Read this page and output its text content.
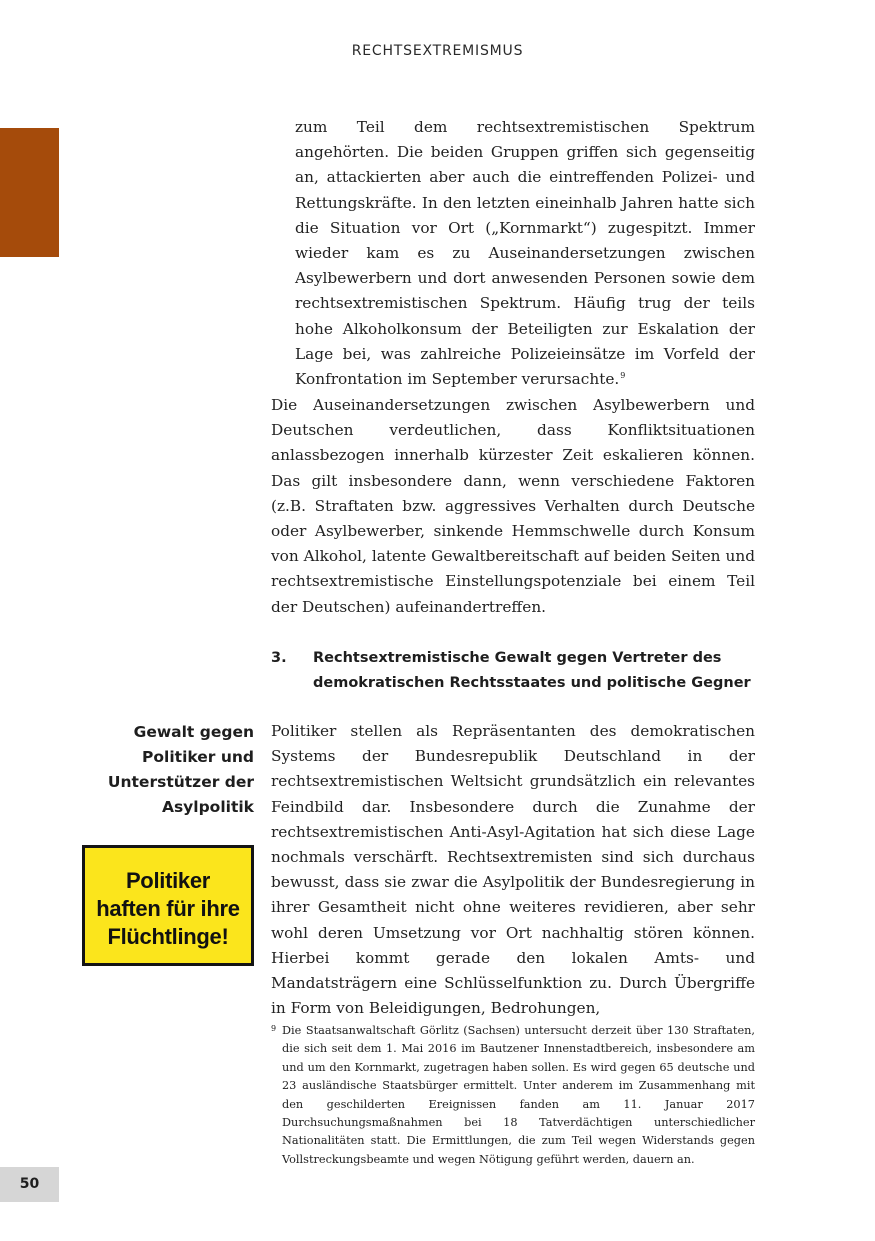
RECHTSEXTREMISMUS

zum Teil dem rechtsextremistischen Spektrum angehörten. Die beiden Gruppen griffen sich gegenseitig an, attackierten aber auch die eintreffenden Polizei- und Rettungskräfte. In den letzten eineinhalb Jahren hatte sich die Situation vor Ort („Kornmarkt“) zugespitzt. Immer wieder kam es zu Auseinandersetzungen zwischen Asylbewerbern und dort anwesenden Personen sowie dem rechtsextremistischen Spektrum. Häufig trug der teils hohe Alkoholkonsum der Beteiligten zur Eskalation der Lage bei, was zahlreiche Polizeieinsätze im Vorfeld der Konfrontation im September verursachte.$^9$

Die Auseinandersetzungen zwischen Asylbewerbern und Deutschen verdeutlichen, dass Konfliktsituationen anlassbezogen innerhalb kürzester Zeit eskalieren können. Das gilt insbesondere dann, wenn verschiedene Faktoren (z.B. Straftaten bzw. aggressives Verhalten durch Deutsche oder Asylbewerber, sinkende Hemmschwelle durch Konsum von Alkohol, latente Gewaltbereitschaft auf beiden Seiten und rechtsextremistische Einstellungspotenziale bei einem Teil der Deutschen) aufeinandertreffen.

3. Rechtsextremistische Gewalt gegen Vertreter des demokratischen Rechtsstaates und politische Gegner
Gewalt gegen
Politiker und
Unterstützer der
Asylpolitik
Politiker
haften für ihre
Flüchtlinge!

Politiker stellen als Repräsentanten des demokratischen Systems der Bundesrepublik Deutschland in der rechtsextremistischen Weltsicht grundsätzlich ein relevantes Feindbild dar. Insbesondere durch die Zunahme der rechtsextremistischen Anti-Asyl-Agitation hat sich diese Lage nochmals verschärft. Rechtsextremisten sind sich durchaus bewusst, dass sie zwar die Asylpolitik der Bundesregierung in ihrer Gesamtheit nicht ohne weiteres revidieren, aber sehr wohl deren Umsetzung vor Ort nachhaltig stören können. Hierbei kommt gerade den lokalen Amts- und Mandatsträgern eine Schlüsselfunktion zu. Durch Übergriffe in Form von Beleidigungen, Bedrohungen,

9 Die Staatsanwaltschaft Görlitz (Sachsen) untersucht derzeit über 130 Straftaten, die sich seit dem 1. Mai 2016 im Bautzener Innenstadtbereich, insbesondere am und um den Kornmarkt, zugetragen haben sollen. Es wird gegen 65 deutsche und 23 ausländische Staatsbürger ermittelt. Unter anderem im Zusammenhang mit den geschilderten Ereignissen fanden am 11. Januar 2017 Durchsuchungsmaßnahmen bei 18 Tatverdächtigen unterschiedlicher Nationalitäten statt. Die Ermittlungen, die zum Teil wegen Widerstands gegen Vollstreckungsbeamte und wegen Nötigung geführt werden, dauern an.

50
